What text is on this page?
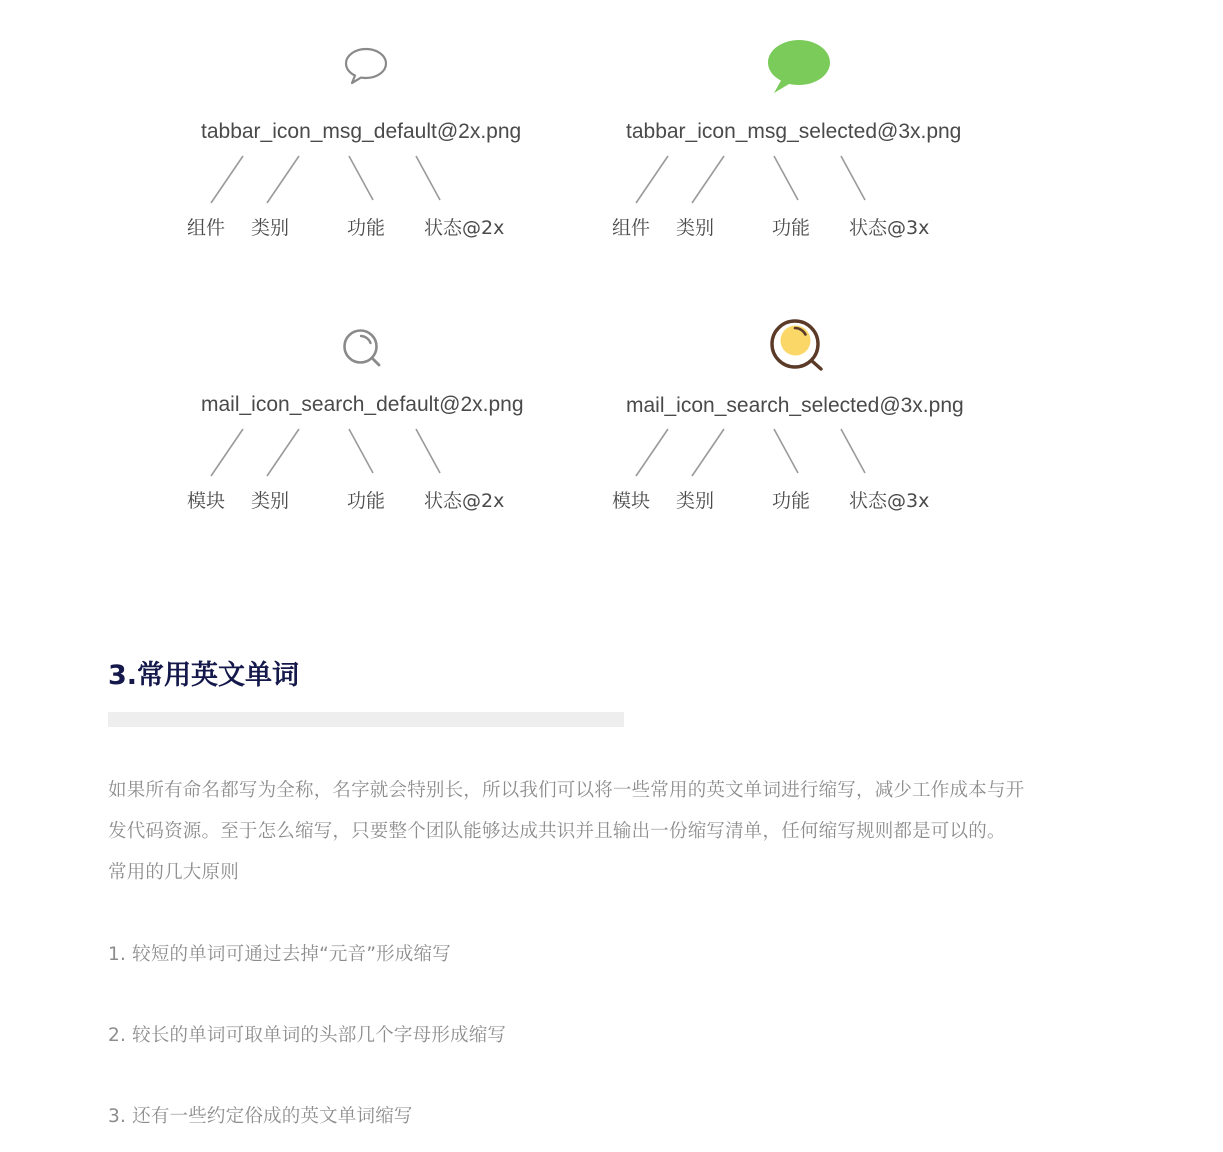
tabbar_icon_msg_default@2x.png
组件 类别	功能 状态@2x
tabbar_icon_msg_selected@3x.png
组件 类别	功能 状态@3x
mail_icon_search_default@2x.png
模块 类别	功能 状态@2x
mail_icon_search_selected@3x.png
模块 类别	功能 状态@3x
3.常用英文单词
如果所有命名都写为全称，名字就会特别长，所以我们可以将一些常用的英文单词进行缩写，减少工作成本与开
发代码资源。至于怎么缩写，只要整个团队能够达成共识并且输出一份缩写清单，任何缩写规则都是可以的。
常用的几大原则
1. 较短的单词可通过去掉“元音”形成缩写
2. 较长的单词可取单词的头部几个字母形成缩写
3. 还有一些约定俗成的英文单词缩写
